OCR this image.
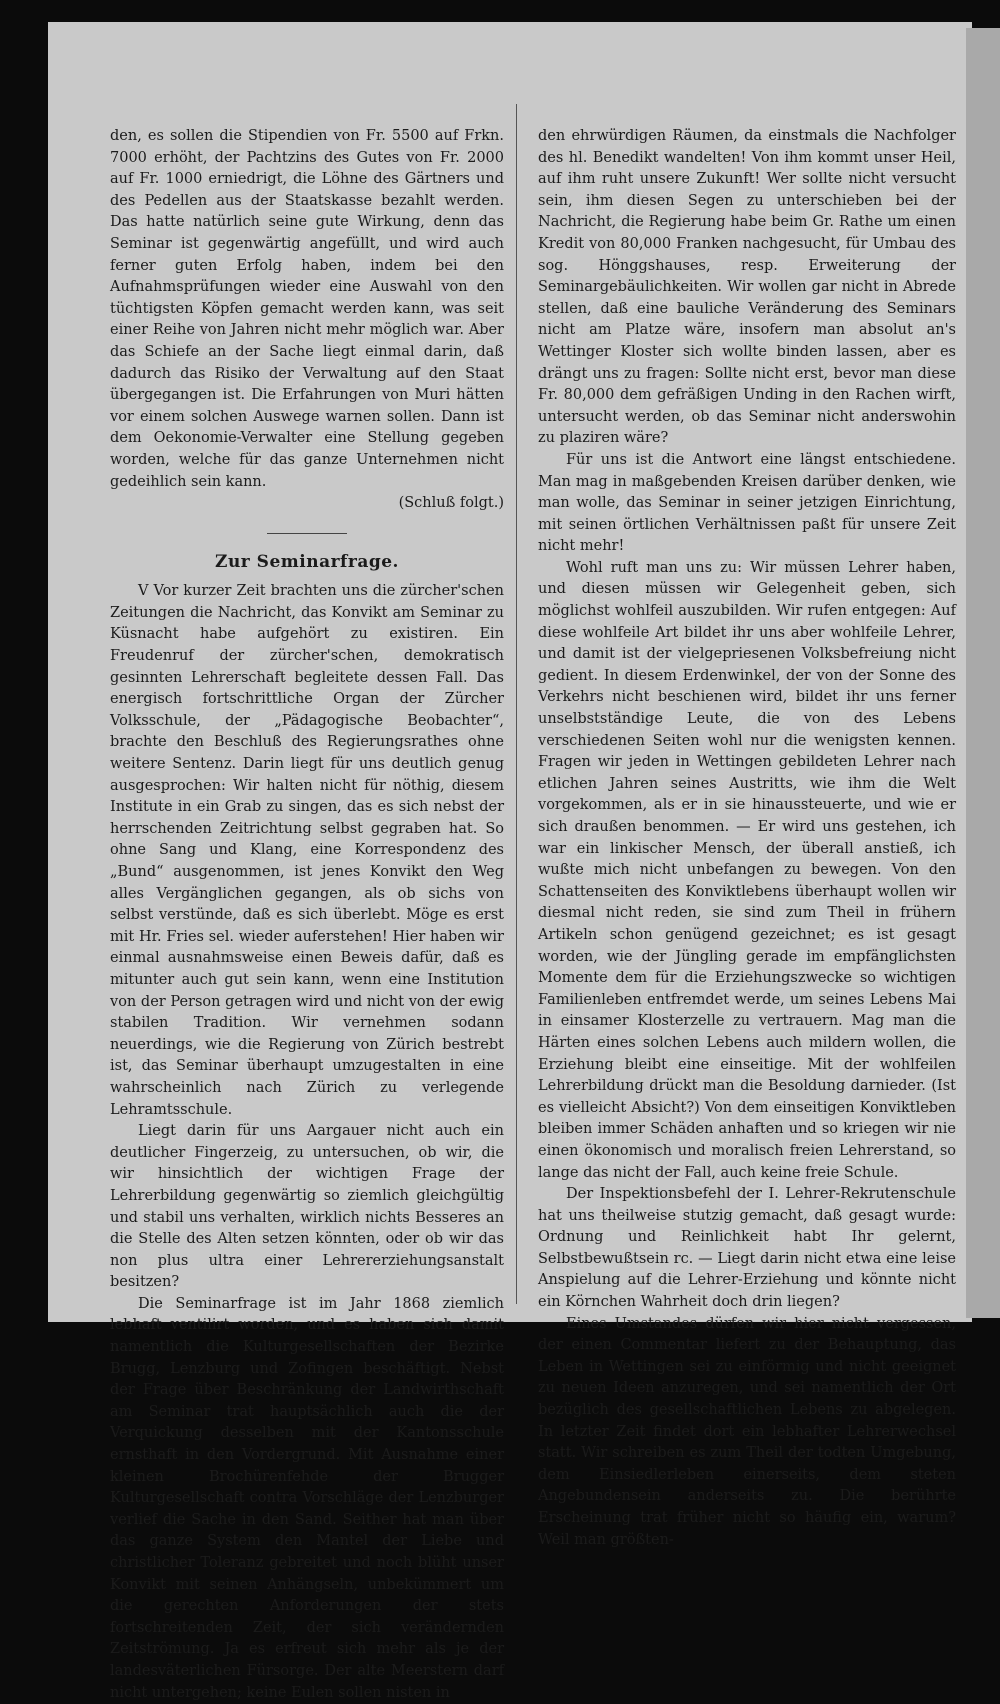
den, es sollen die Stipendien von Fr. 5500 auf Frkn. 7000 erhöht, der Pachtzins des Gutes von Fr. 2000 auf Fr. 1000 erniedrigt, die Löhne des Gärtners und des Pedellen aus der Staatskasse bezahlt werden. Das hatte natürlich seine gute Wirkung, denn das Seminar ist gegenwärtig angefüllt, und wird auch ferner guten Erfolg haben, indem bei den Aufnahmsprüfungen wieder eine Auswahl von den tüchtigsten Köpfen gemacht werden kann, was seit einer Reihe von Jahren nicht mehr möglich war. Aber das Schiefe an der Sache liegt einmal darin, daß dadurch das Risiko der Verwaltung auf den Staat übergegangen ist. Die Erfahrungen von Muri hätten vor einem solchen Auswege warnen sollen. Dann ist dem Oekonomie-Verwalter eine Stellung gegeben worden, welche für das ganze Unternehmen nicht gedeihlich sein kann.

(Schluß folgt.)
Zur Seminarfrage.

V Vor kurzer Zeit brachten uns die zürcher'schen Zeitungen die Nachricht, das Konvikt am Seminar zu Küsnacht habe aufgehört zu existiren. Ein Freudenruf der zürcher'schen, demokratisch gesinnten Lehrerschaft begleitete dessen Fall. Das energisch fortschrittliche Organ der Zürcher Volksschule, der „Pädagogische Beobachter“, brachte den Beschluß des Regierungsrathes ohne weitere Sentenz. Darin liegt für uns deutlich genug ausgesprochen: Wir halten nicht für nöthig, diesem Institute in ein Grab zu singen, das es sich nebst der herrschenden Zeitrichtung selbst gegraben hat. So ohne Sang und Klang, eine Korrespondenz des „Bund“ ausgenommen, ist jenes Konvikt den Weg alles Vergänglichen gegangen, als ob sichs von selbst verstünde, daß es sich überlebt. Möge es erst mit Hr. Fries sel. wieder auferstehen! Hier haben wir einmal ausnahmsweise einen Beweis dafür, daß es mitunter auch gut sein kann, wenn eine Institution von der Person getragen wird und nicht von der ewig stabilen Tradition. Wir vernehmen sodann neuerdings, wie die Regierung von Zürich bestrebt ist, das Seminar überhaupt umzugestalten in eine wahrscheinlich nach Zürich zu verlegende Lehramtsschule.

Liegt darin für uns Aargauer nicht auch ein deutlicher Fingerzeig, zu untersuchen, ob wir, die wir hinsichtlich der wichtigen Frage der Lehrerbildung gegenwärtig so ziemlich gleichgültig und stabil uns verhalten, wirklich nichts Besseres an die Stelle des Alten setzen könnten, oder ob wir das non plus ultra einer Lehrererziehungsanstalt besitzen?

Die Seminarfrage ist im Jahr 1868 ziemlich lebhaft ventilirt worden, und es haben sich damit namentlich die Kulturgesellschaften der Bezirke Brugg, Lenzburg und Zofingen beschäftigt. Nebst der Frage über Beschränkung der Landwirthschaft am Seminar trat hauptsächlich auch die der Verquickung desselben mit der Kantonsschule ernsthaft in den Vordergrund. Mit Ausnahme einer kleinen Brochürenfehde der Brugger Kulturgesellschaft contra Vorschläge der Lenzburger verlief die Sache in den Sand. Seither hat man über das ganze System den Mantel der Liebe und christlicher Toleranz gebreitet und noch blüht unser Konvikt mit seinen Anhängseln, unbekümmert um die gerechten Anforderungen der stets fortschreitenden Zeit, der sich verändernden Zeitströmung. Ja es erfreut sich mehr als je der landesväterlichen Fürsorge. Der alte Meerstern darf nicht untergehen; keine Eulen sollen nisten in

den ehrwürdigen Räumen, da einstmals die Nachfolger des hl. Benedikt wandelten! Von ihm kommt unser Heil, auf ihm ruht unsere Zukunft! Wer sollte nicht versucht sein, ihm diesen Segen zu unterschieben bei der Nachricht, die Regierung habe beim Gr. Rathe um einen Kredit von 80,000 Franken nachgesucht, für Umbau des sog. Hönggshauses, resp. Erweiterung der Seminargebäulichkeiten. Wir wollen gar nicht in Abrede stellen, daß eine bauliche Veränderung des Seminars nicht am Platze wäre, insofern man absolut an's Wettinger Kloster sich wollte binden lassen, aber es drängt uns zu fragen: Sollte nicht erst, bevor man diese Fr. 80,000 dem gefräßigen Unding in den Rachen wirft, untersucht werden, ob das Seminar nicht anderswohin zu plaziren wäre?

Für uns ist die Antwort eine längst entschiedene. Man mag in maßgebenden Kreisen darüber denken, wie man wolle, das Seminar in seiner jetzigen Einrichtung, mit seinen örtlichen Verhältnissen paßt für unsere Zeit nicht mehr!

Wohl ruft man uns zu: Wir müssen Lehrer haben, und diesen müssen wir Gelegenheit geben, sich möglichst wohlfeil auszubilden. Wir rufen entgegen: Auf diese wohlfeile Art bildet ihr uns aber wohlfeile Lehrer, und damit ist der vielgepriesenen Volksbefreiung nicht gedient. In diesem Erdenwinkel, der von der Sonne des Verkehrs nicht beschienen wird, bildet ihr uns ferner unselbstständige Leute, die von des Lebens verschiedenen Seiten wohl nur die wenigsten kennen. Fragen wir jeden in Wettingen gebildeten Lehrer nach etlichen Jahren seines Austritts, wie ihm die Welt vorgekommen, als er in sie hinaussteuerte, und wie er sich draußen benommen. — Er wird uns gestehen, ich war ein linkischer Mensch, der überall anstieß, ich wußte mich nicht unbefangen zu bewegen. Von den Schattenseiten des Konviktlebens überhaupt wollen wir diesmal nicht reden, sie sind zum Theil in frühern Artikeln schon genügend gezeichnet; es ist gesagt worden, wie der Jüngling gerade im empfänglichsten Momente dem für die Erziehungszwecke so wichtigen Familienleben entfremdet werde, um seines Lebens Mai in einsamer Klosterzelle zu vertrauern. Mag man die Härten eines solchen Lebens auch mildern wollen, die Erziehung bleibt eine einseitige. Mit der wohlfeilen Lehrerbildung drückt man die Besoldung darnieder. (Ist es vielleicht Absicht?) Von dem einseitigen Konviktleben bleiben immer Schäden anhaften und so kriegen wir nie einen ökonomisch und moralisch freien Lehrerstand, so lange das nicht der Fall, auch keine freie Schule.

Der Inspektionsbefehl der I. Lehrer-Rekrutenschule hat uns theilweise stutzig gemacht, daß gesagt wurde: Ordnung und Reinlichkeit habt Ihr gelernt, Selbstbewußtsein rc. — Liegt darin nicht etwa eine leise Anspielung auf die Lehrer-Erziehung und könnte nicht ein Körnchen Wahrheit doch drin liegen?

Eines Umstandes dürfen wir hier nicht vergessen, der einen Commentar liefert zu der Behauptung, das Leben in Wettingen sei zu einförmig und nicht geeignet zu neuen Ideen anzuregen, und sei namentlich der Ort bezüglich des gesellschaftlichen Lebens zu abgelegen. In letzter Zeit findet dort ein lebhafter Lehrerwechsel statt. Wir schreiben es zum Theil der todten Umgebung, dem Einsiedlerleben einerseits, dem steten Angebundensein anderseits zu. Die berührte Erscheinung trat früher nicht so häufig ein, warum? Weil man größten-
